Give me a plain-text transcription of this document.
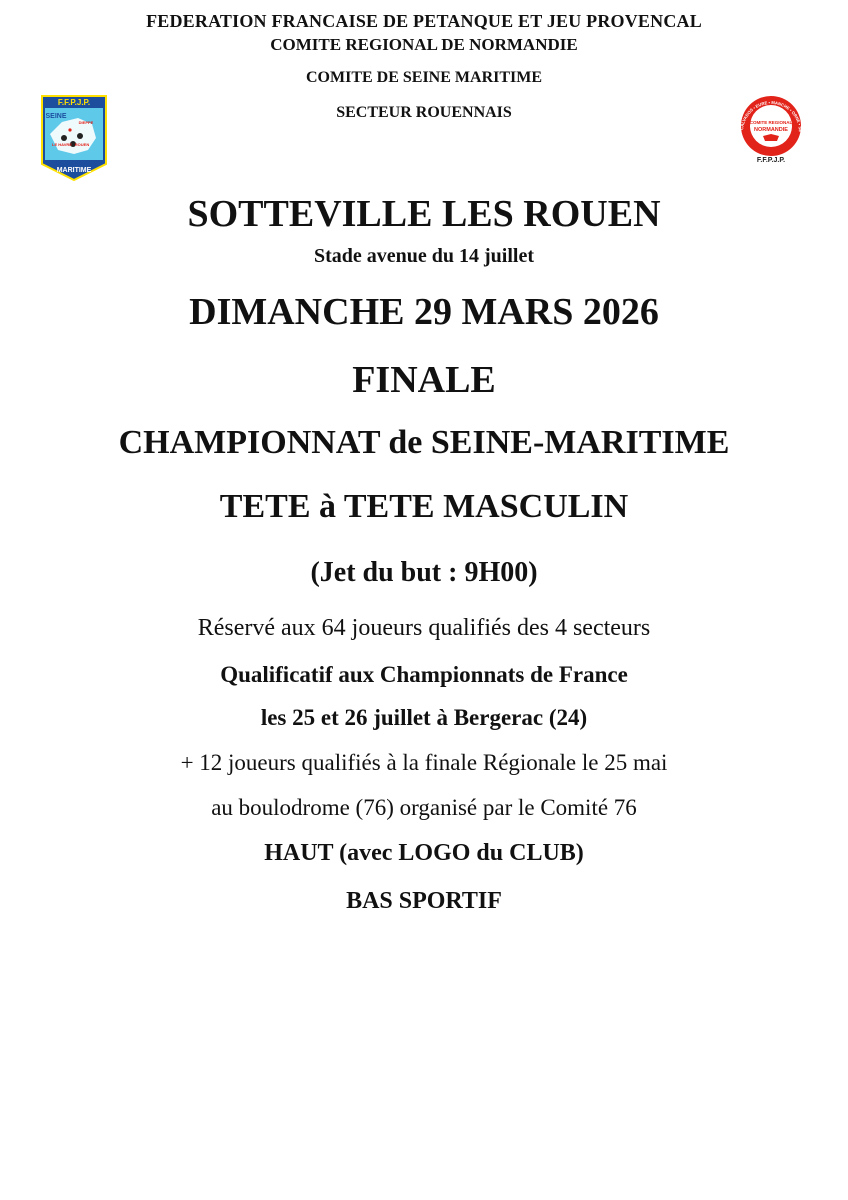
FEDERATION FRANCAISE DE PETANQUE ET JEU PROVENCAL

COMITE REGIONAL DE NORMANDIE

COMITE DE SEINE MARITIME

SECTEUR ROUENNAIS

F.F.P.J.P.
SEINE
DIEPPE
LE HAVRE ROUEN
MARITIME
CALVADOS • EURE • MANCHE • ORNE • SE
COMITE REGIONAL
NORMANDIE
F.F.P.J.P.

SOTTEVILLE LES ROUEN

Stade avenue du 14 juillet

DIMANCHE 29 MARS 2026

FINALE

CHAMPIONNAT de SEINE-MARITIME

TETE à TETE MASCULIN

(Jet du but : 9H00)

Réservé aux 64 joueurs qualifiés des 4 secteurs

Qualificatif aux Championnats de France

les 25 et 26 juillet à Bergerac (24)

+ 12 joueurs qualifiés à la finale Régionale le 25 mai

au boulodrome (76) organisé par le Comité 76

HAUT (avec LOGO du CLUB)

BAS SPORTIF
